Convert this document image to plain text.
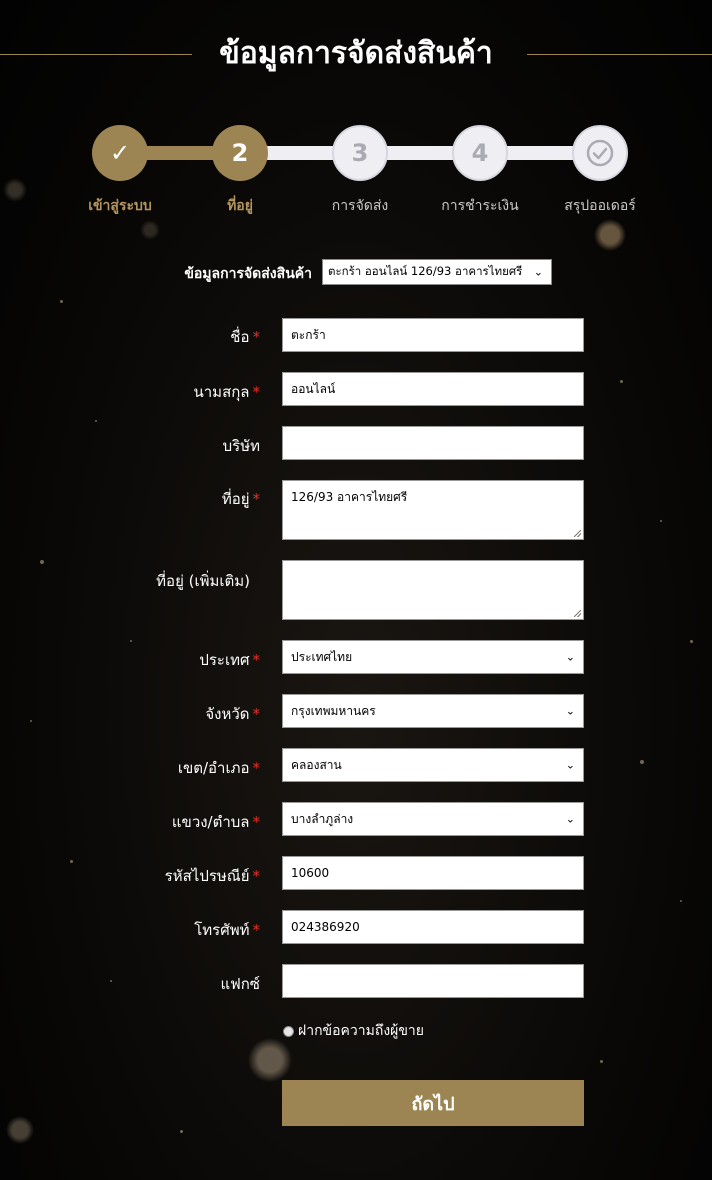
ข้อมูลการจัดส่งสินค้า
✓	2	3	4
เข้าสู่ระบบ	ที่อยู่	การจัดส่ง	การชำระเงิน	สรุปออเดอร์
ข้อมูลการจัดส่งสินค้า ตะกร้า ออนไลน์ 126/93 อาคารไทยศรี ⌄
ชื่อ *	ตะกร้า
นามสกุล *	ออนไลน์
บริษัท
ที่อยู่ *	126/93 อาคารไทยศรี
ที่อยู่ (เพิ่มเติม)
ประเทศ *	ประเทศไทย	⌄
จังหวัด *	กรุงเทพมหานคร	⌄
เขต/อำเภอ *	คลองสาน	⌄
แขวง/ตำบล *	บางลำภูล่าง	⌄
รหัสไปรษณีย์ *	10600
โทรศัพท์ *	024386920
แฟกซ์
ฝากข้อความถึงผู้ขาย
ถัดไป
